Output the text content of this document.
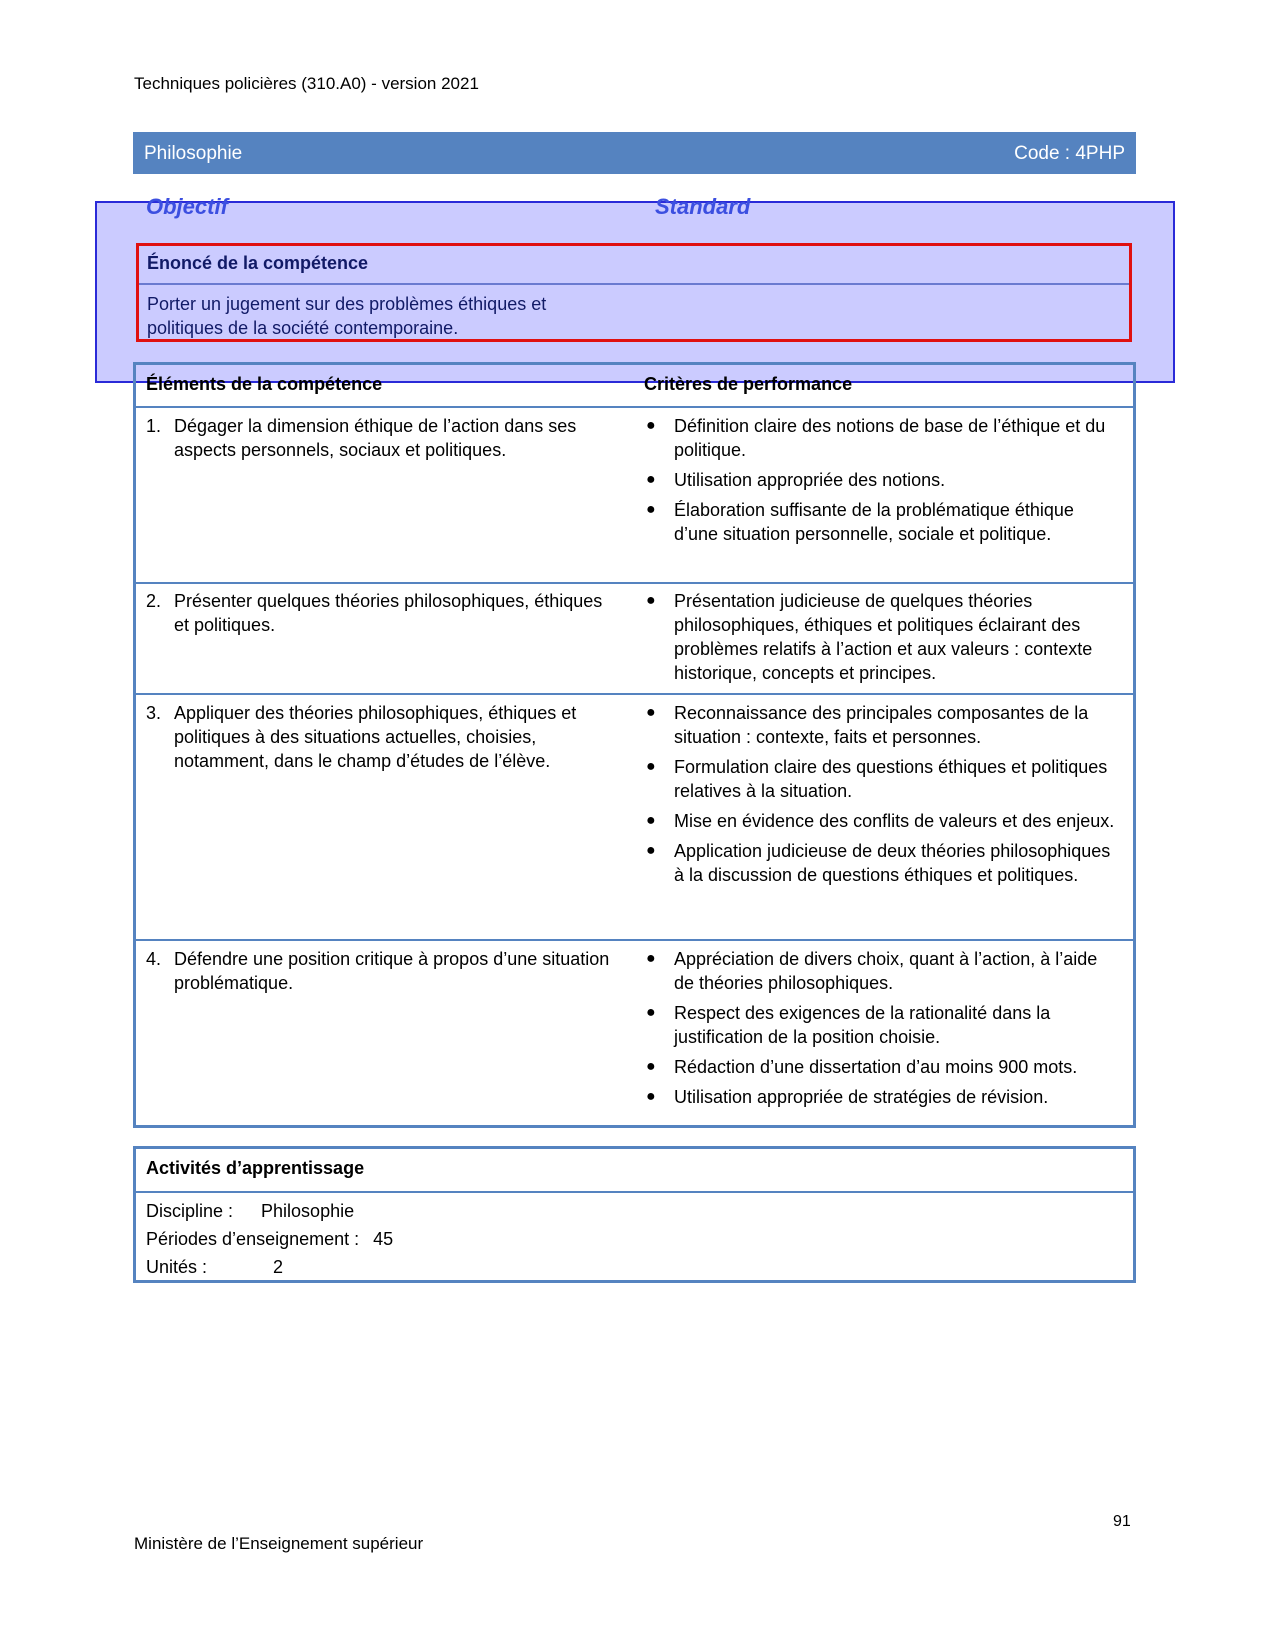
Techniques policières (310.A0) - version 2021
Philosophie	Code : 4PHP
Objectif	Standard
Énoncé de la compétence
Porter un jugement sur des problèmes éthiques et politiques de la société contemporaine.
Éléments de la compétence	Critères de performance
1. Dégager la dimension éthique de l’action dans ses aspects personnels, sociaux et politiques.
● Définition claire des notions de base de l’éthique et du politique.
● Utilisation appropriée des notions.
● Élaboration suffisante de la problématique éthique d’une situation personnelle, sociale et politique.
2. Présenter quelques théories philosophiques, éthiques et politiques.
● Présentation judicieuse de quelques théories philosophiques, éthiques et politiques éclairant des problèmes relatifs à l’action et aux valeurs : contexte historique, concepts et principes.
3. Appliquer des théories philosophiques, éthiques et politiques à des situations actuelles, choisies, notamment, dans le champ d’études de l’élève.
● Reconnaissance des principales composantes de la situation : contexte, faits et personnes.
● Formulation claire des questions éthiques et politiques relatives à la situation.
● Mise en évidence des conflits de valeurs et des enjeux.
● Application judicieuse de deux théories philosophiques à la discussion de questions éthiques et politiques.
4. Défendre une position critique à propos d’une situation problématique.
● Appréciation de divers choix, quant à l’action, à l’aide de théories philosophiques.
● Respect des exigences de la rationalité dans la justification de la position choisie.
● Rédaction d’une dissertation d’au moins 900 mots.
● Utilisation appropriée de stratégies de révision.
Activités d’apprentissage
Discipline : Philosophie
Périodes d’enseignement : 45
Unités :	2
91
Ministère de l’Enseignement supérieur
